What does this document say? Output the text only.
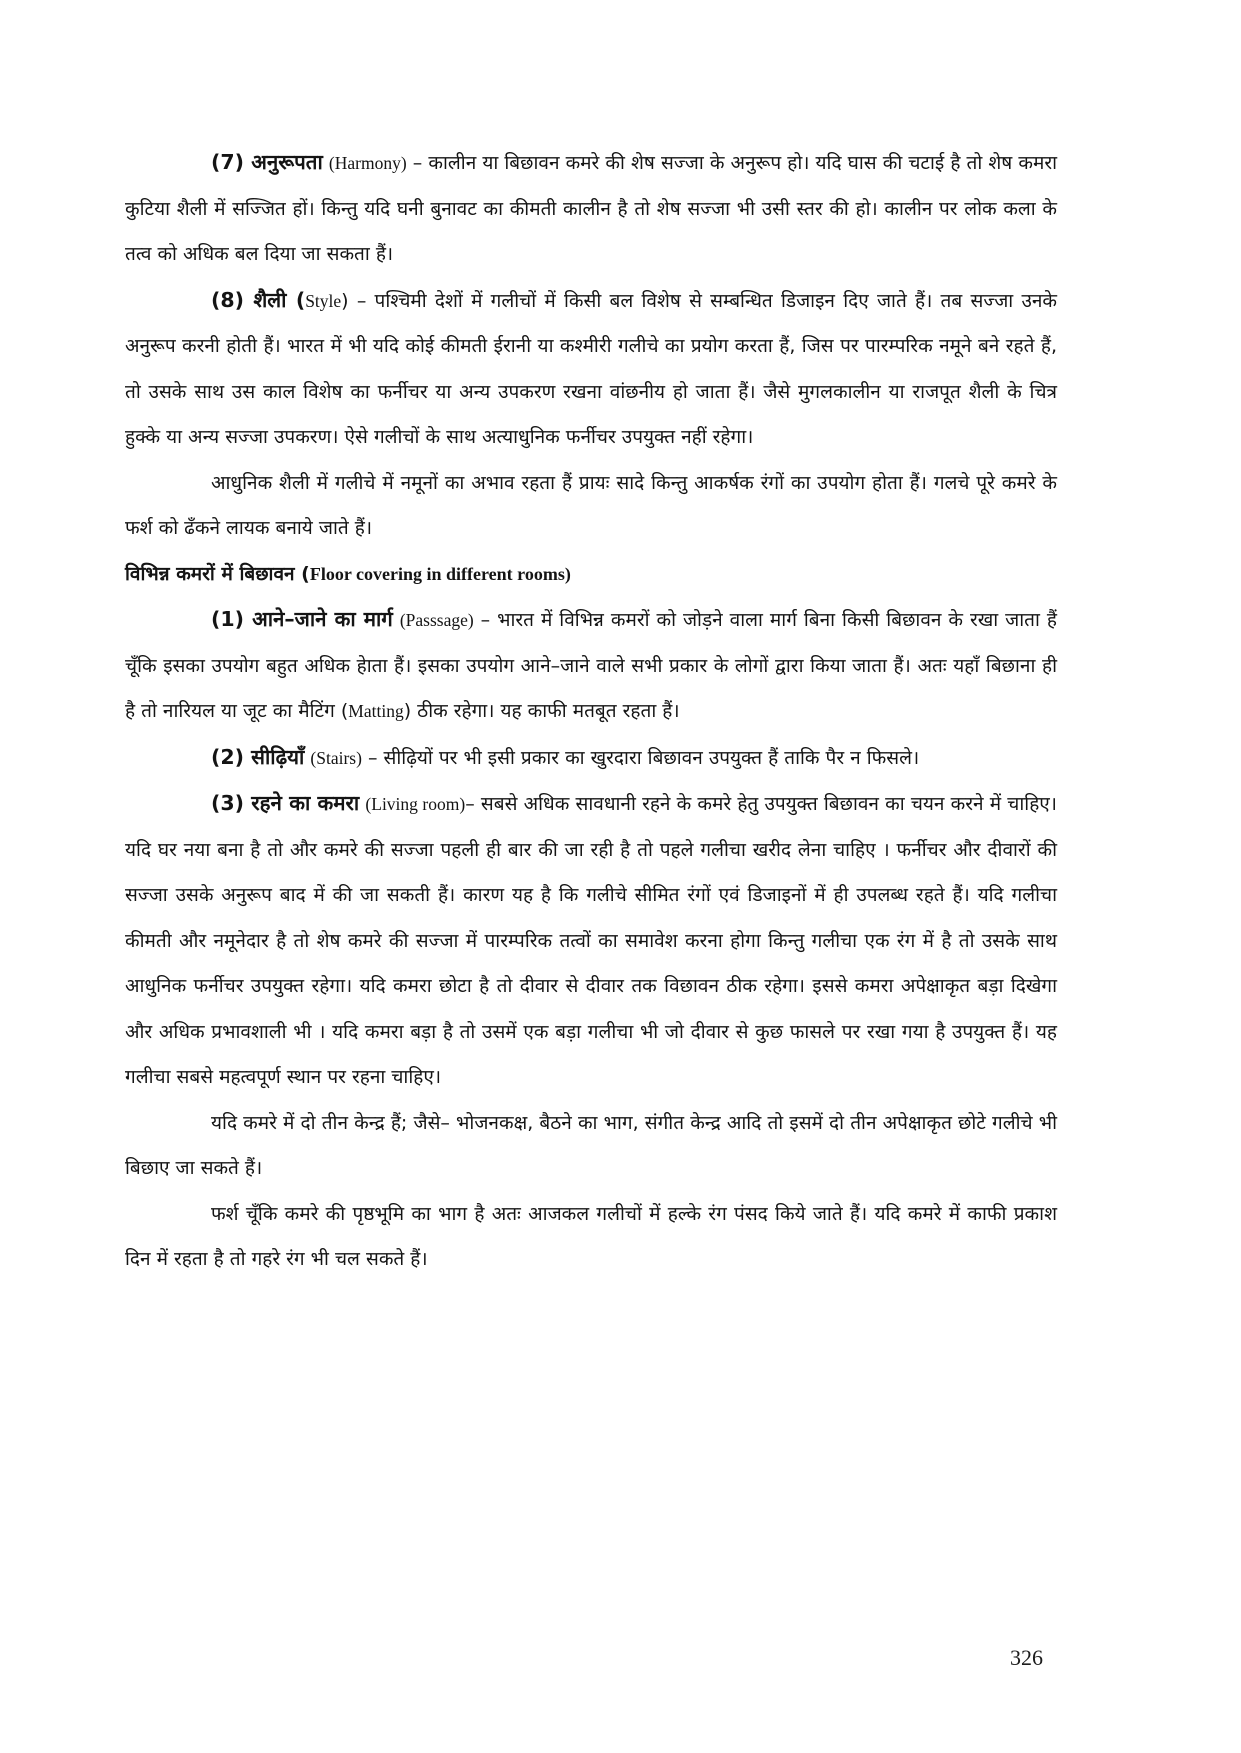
(7) अनुरूपता (Harmony) – कालीन या बिछावन कमरे की शेष सज्जा के अनुरूप हो। यदि घास की चटाई है तो शेष कमरा कुटिया शैली में सज्जित हों। किन्तु यदि घनी बुनावट का कीमती कालीन है तो शेष सज्जा भी उसी स्तर की हो। कालीन पर लोक कला के तत्व को अधिक बल दिया जा सकता हैं।

(8) शैली (Style) – पश्चिमी देशों में गलीचों में किसी बल विशेष से सम्बन्धित डिजाइन दिए जाते हैं। तब सज्जा उनके अनुरूप करनी होती हैं। भारत में भी यदि कोई कीमती ईरानी या कश्मीरी गलीचे का प्रयोग करता हैं, जिस पर पारम्परिक नमूने बने रहते हैं, तो उसके साथ उस काल विशेष का फर्नीचर या अन्य उपकरण रखना वांछनीय हो जाता हैं। जैसे मुगलकालीन या राजपूत शैली के चित्र हुक्के या अन्य सज्जा उपकरण। ऐसे गलीचों के साथ अत्याधुनिक फर्नीचर उपयुक्त नहीं रहेगा।

आधुनिक शैली में गलीचे में नमूनों का अभाव रहता हैं प्रायः सादे किन्तु आकर्षक रंगों का उपयोग होता हैं। गलचे पूरे कमरे के फर्श को ढँकने लायक बनाये जाते हैं।

विभिन्न कमरों में बिछावन (Floor covering in different rooms)

(1) आने–जाने का मार्ग (Passsage) – भारत में विभिन्न कमरों को जोड़ने वाला मार्ग बिना किसी बिछावन के रखा जाता हैं चूँकि इसका उपयोग बहुत अधिक हेाता हैं। इसका उपयोग आने–जाने वाले सभी प्रकार के लोगों द्वारा किया जाता हैं। अतः यहाँ बिछाना ही है तो नारियल या जूट का मैटिंग (Matting) ठीक रहेगा। यह काफी मतबूत रहता हैं।

(2) सीढ़ियाँ (Stairs) – सीढ़ियों पर भी इसी प्रकार का खुरदारा बिछावन उपयुक्त हैं ताकि पैर न फिसले।

(3) रहने का कमरा (Living room)– सबसे अधिक सावधानी रहने के कमरे हेतु उपयुक्त बिछावन का चयन करने में चाहिए। यदि घर नया बना है तो और कमरे की सज्जा पहली ही बार की जा रही है तो पहले गलीचा खरीद लेना चाहिए । फर्नीचर और दीवारों की सज्जा उसके अनुरूप बाद में की जा सकती हैं। कारण यह है कि गलीचे सीमित रंगों एवं डिजाइनों में ही उपलब्ध रहते हैं। यदि गलीचा कीमती और नमूनेदार है तो शेष कमरे की सज्जा में पारम्परिक तत्वों का समावेश करना होगा किन्तु गलीचा एक रंग में है तो उसके साथ आधुनिक फर्नीचर उपयुक्त रहेगा। यदि कमरा छोटा है तो दीवार से दीवार तक विछावन ठीक रहेगा। इससे कमरा अपेक्षाकृत बड़ा दिखेगा और अधिक प्रभावशाली भी । यदि कमरा बड़ा है तो उसमें एक बड़ा गलीचा भी जो दीवार से कुछ फासले पर रखा गया है उपयुक्त हैं। यह गलीचा सबसे महत्वपूर्ण स्थान पर रहना चाहिए।

यदि कमरे में दो तीन केन्द्र हैं; जैसे– भोजनकक्ष, बैठने का भाग, संगीत केन्द्र आदि तो इसमें दो तीन अपेक्षाकृत छोटे गलीचे भी बिछाए जा सकते हैं।

फर्श चूँकि कमरे की पृष्ठभूमि का भाग है अतः आजकल गलीचों में हल्के रंग पंसद किये जाते हैं। यदि कमरे में काफी प्रकाश दिन में रहता है तो गहरे रंग भी चल सकते हैं।

326
